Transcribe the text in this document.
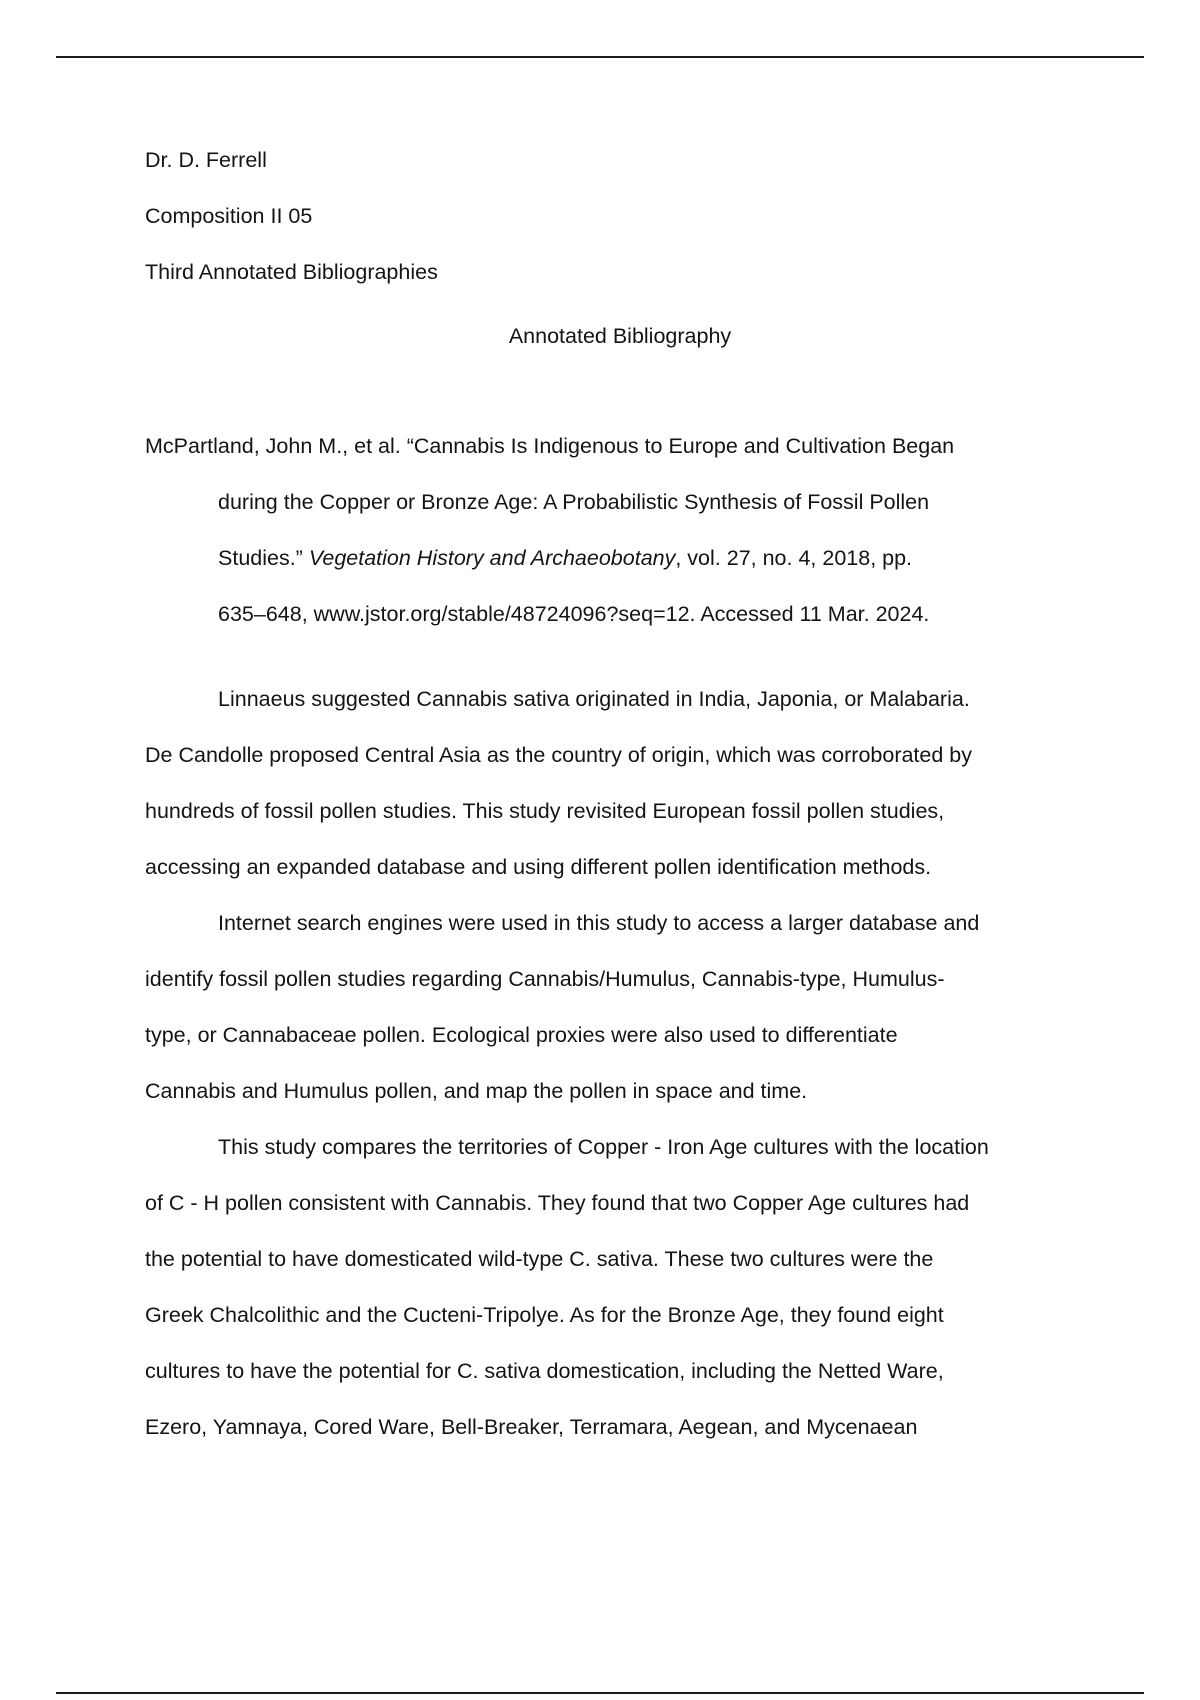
Dr. D. Ferrell
Composition II 05
Third Annotated Bibliographies
Annotated Bibliography
McPartland, John M., et al. “Cannabis Is Indigenous to Europe and Cultivation Began
during the Copper or Bronze Age: A Probabilistic Synthesis of Fossil Pollen
Studies.” Vegetation History and Archaeobotany, vol. 27, no. 4, 2018, pp.
635–648, www.jstor.org/stable/48724096?seq=12. Accessed 11 Mar. 2024.
Linnaeus suggested Cannabis sativa originated in India, Japonia, or Malabaria.
De Candolle proposed Central Asia as the country of origin, which was corroborated by
hundreds of fossil pollen studies. This study revisited European fossil pollen studies,
accessing an expanded database and using different pollen identification methods.
Internet search engines were used in this study to access a larger database and
identify fossil pollen studies regarding Cannabis/Humulus, Cannabis-type, Humulus-
type, or Cannabaceae pollen. Ecological proxies were also used to differentiate
Cannabis and Humulus pollen, and map the pollen in space and time.
This study compares the territories of Copper - Iron Age cultures with the location
of C - H pollen consistent with Cannabis. They found that two Copper Age cultures had
the potential to have domesticated wild-type C. sativa. These two cultures were the
Greek Chalcolithic and the Cucteni-Tripolye. As for the Bronze Age, they found eight
cultures to have the potential for C. sativa domestication, including the Netted Ware,
Ezero, Yamnaya, Cored Ware, Bell-Breaker, Terramara, Aegean, and Mycenaean
